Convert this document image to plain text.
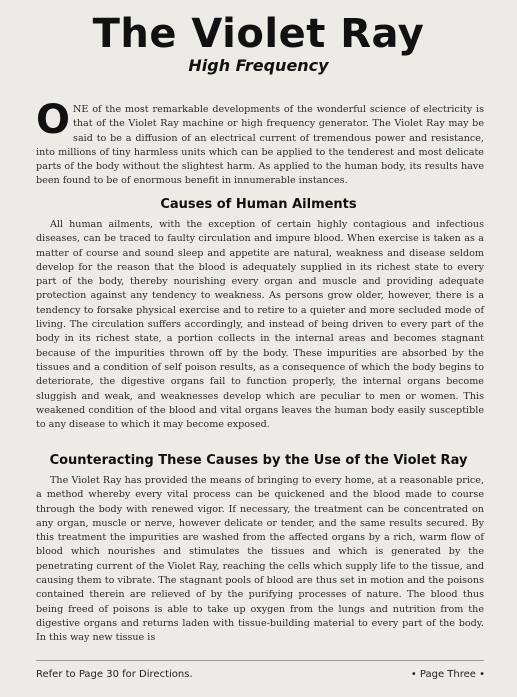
The Violet Ray
High Frequency

ONE of the most remarkable developments of the wonderful science of electricity is that of the Violet Ray machine or high frequency generator. The Violet Ray may be said to be a diffusion of an electrical current of tremendous power and resistance, into millions of tiny harmless units which can be applied to the tenderest and most delicate parts of the body without the slightest harm. As applied to the human body, its results have been found to be of enormous benefit in innumerable instances.

Causes of Human Ailments

All human ailments, with the exception of certain highly contagious and infectious diseases, can be traced to faulty circulation and impure blood. When exercise is taken as a matter of course and sound sleep and appetite are natural, weakness and disease seldom develop for the reason that the blood is adequately supplied in its richest state to every part of the body, thereby nourishing every organ and muscle and providing adequate protection against any tendency to weakness. As persons grow older, however, there is a tendency to forsake physical exercise and to retire to a quieter and more secluded mode of living. The circulation suffers accordingly, and instead of being driven to every part of the body in its richest state, a portion collects in the internal areas and becomes stagnant because of the impurities thrown off by the body. These impurities are absorbed by the tissues and a condition of self poison results, as a consequence of which the body begins to deteriorate, the digestive organs fail to function properly, the internal organs become sluggish and weak, and weaknesses develop which are peculiar to men or women. This weakened condition of the blood and vital organs leaves the human body easily susceptible to any disease to which it may become exposed.

Counteracting These Causes by the Use of the Violet Ray

The Violet Ray has provided the means of bringing to every home, at a reasonable price, a method whereby every vital process can be quickened and the blood made to course through the body with renewed vigor. If necessary, the treatment can be concentrated on any organ, muscle or nerve, however delicate or tender, and the same results secured. By this treatment the impurities are washed from the affected organs by a rich, warm flow of blood which nourishes and stimulates the tissues and which is generated by the penetrating current of the Violet Ray, reaching the cells which supply life to the tissue, and causing them to vibrate. The stagnant pools of blood are thus set in motion and the poisons contained therein are relieved of by the purifying processes of nature. The blood thus being freed of poisons is able to take up oxygen from the lungs and nutrition from the digestive organs and returns laden with tissue-building material to every part of the body. In this way new tissue is

Refer to Page 30 for Directions.	• Page Three •
